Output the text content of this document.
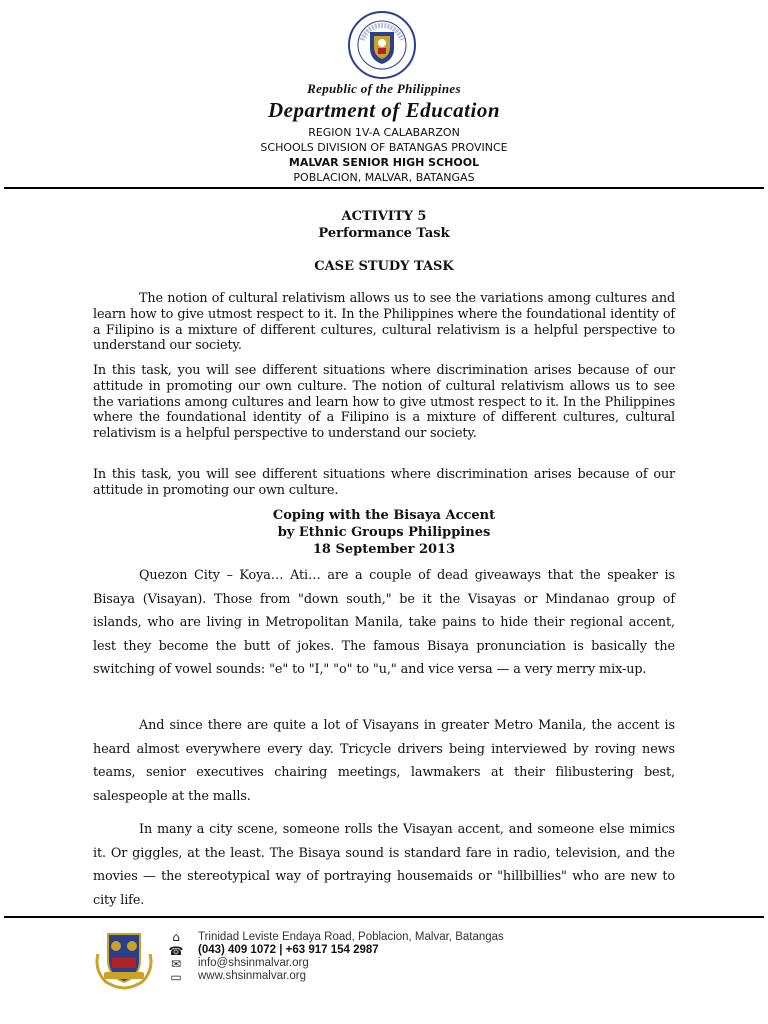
Republic of the Philippines
Department of Education
REGION 1V-A CALABARZON
SCHOOLS DIVISION OF BATANGAS PROVINCE
MALVAR SENIOR HIGH SCHOOL
POBLACION, MALVAR, BATANGAS
ACTIVITY 5
Performance Task
CASE STUDY TASK

The notion of cultural relativism allows us to see the variations among cultures and learn how to give utmost respect to it. In the Philippines where the foundational identity of a Filipino is a mixture of different cultures, cultural relativism is a helpful perspective to understand our society.

In this task, you will see different situations where discrimination arises because of our attitude in promoting our own culture. The notion of cultural relativism allows us to see the variations among cultures and learn how to give utmost respect to it. In the Philippines where the foundational identity of a Filipino is a mixture of different cultures, cultural relativism is a helpful perspective to understand our society.

In this task, you will see different situations where discrimination arises because of our attitude in promoting our own culture.

Coping with the Bisaya Accent
by Ethnic Groups Philippines
18 September 2013

Quezon City – Koya… Ati… are a couple of dead giveaways that the speaker is Bisaya (Visayan). Those from "down south," be it the Visayas or Mindanao group of islands, who are living in Metropolitan Manila, take pains to hide their regional accent, lest they become the butt of jokes. The famous Bisaya pronunciation is basically the switching of vowel sounds: "e" to "I," "o" to "u," and vice versa — a very merry mix-up.

And since there are quite a lot of Visayans in greater Metro Manila, the accent is heard almost everywhere every day. Tricycle drivers being interviewed by roving news teams, senior executives chairing meetings, lawmakers at their filibustering best, salespeople at the malls.

In many a city scene, someone rolls the Visayan accent, and someone else mimics it. Or giggles, at the least. The Bisaya sound is standard fare in radio, television, and the movies — the stereotypical way of portraying housemaids or "hillbillies" who are new to city life.

⌂	Trinidad Leviste Endaya Road, Poblacion, Malvar, Batangas
☎ (043) 409 1072 | +63 917 154 2987
✉ info@shsinmalvar.org
▭ www.shsinmalvar.org
